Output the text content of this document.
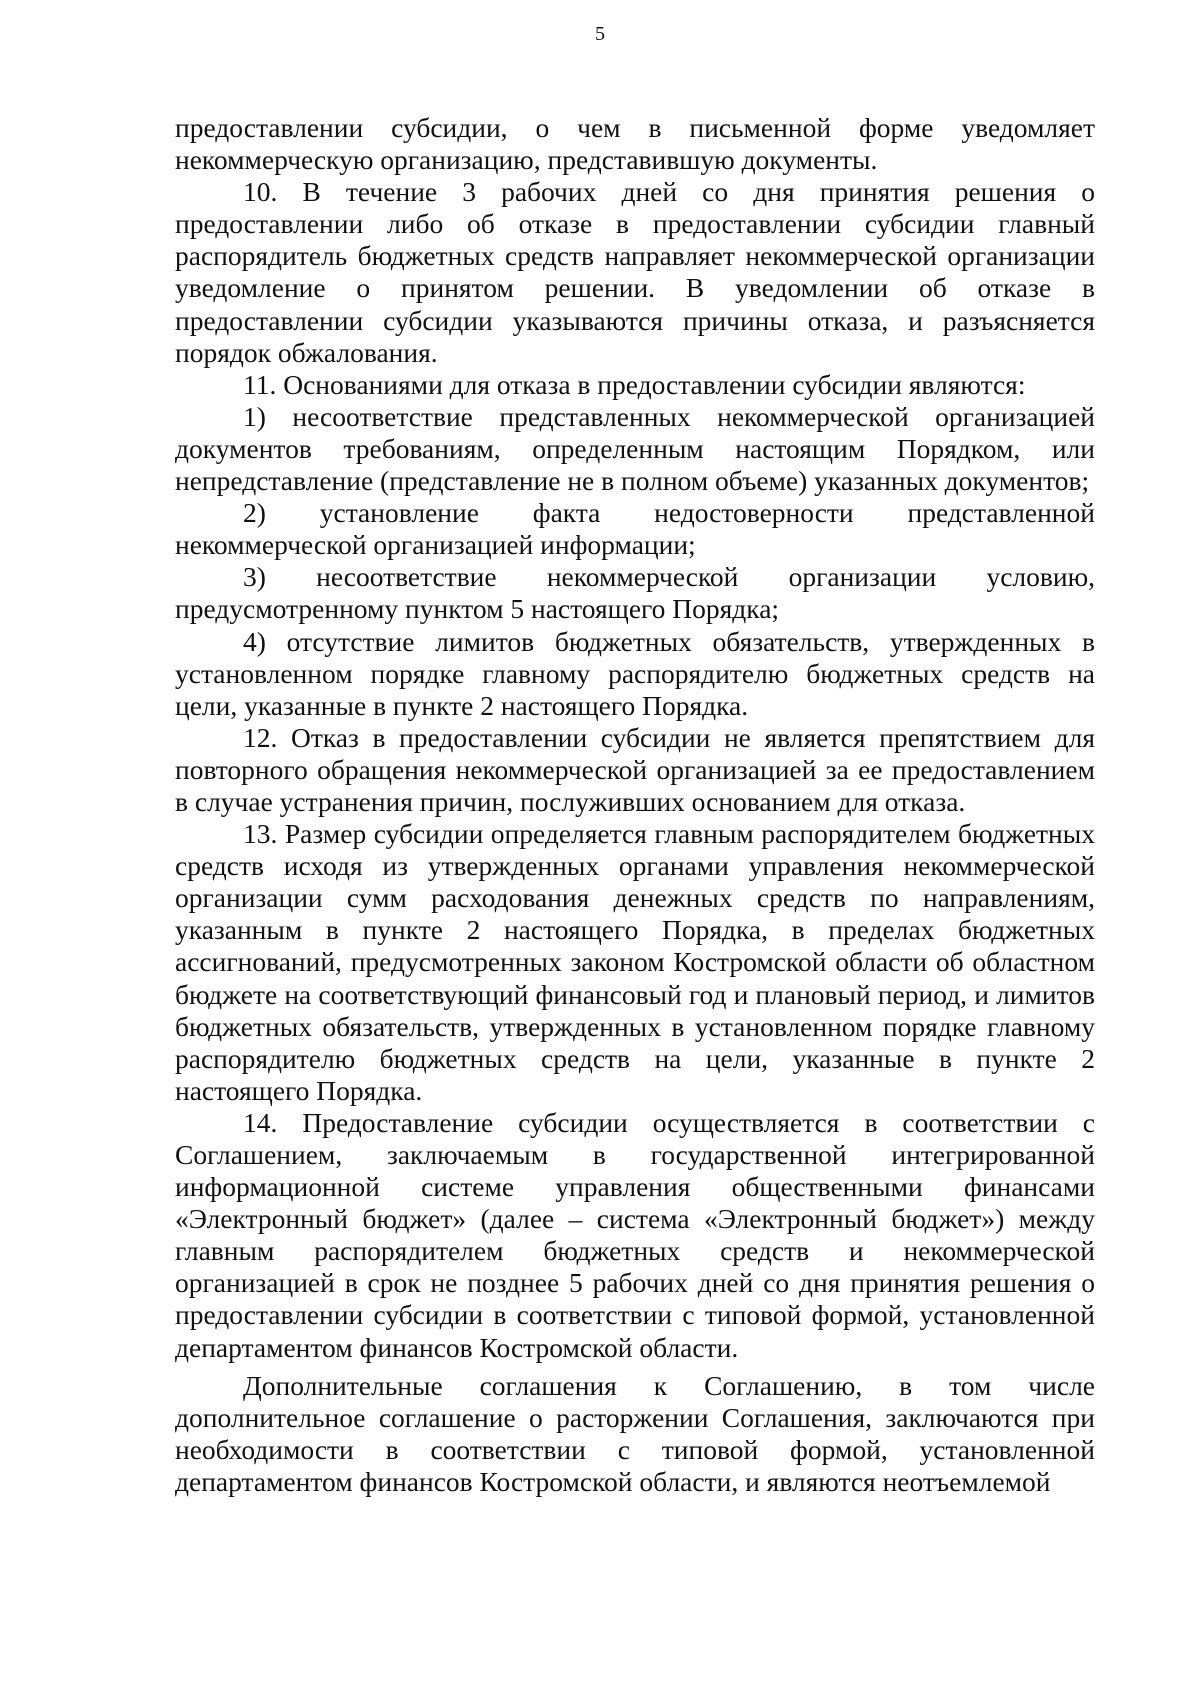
5

предоставлении субсидии, о чем в письменной форме уведомляет некоммерческую организацию, представившую документы.

10. В течение 3 рабочих дней со дня принятия решения о предоставлении либо об отказе в предоставлении субсидии главный распорядитель бюджетных средств направляет некоммерческой организации уведомление о принятом решении. В уведомлении об отказе в предоставлении субсидии указываются причины отказа, и разъясняется порядок обжалования.

11. Основаниями для отказа в предоставлении субсидии являются:

1) несоответствие представленных некоммерческой организацией документов требованиям, определенным настоящим Порядком, или непредставление (представление не в полном объеме) указанных документов;

2) установление факта недостоверности представленной некоммерческой организацией информации;

3) несоответствие некоммерческой организации условию, предусмотренному пунктом 5 настоящего Порядка;

4) отсутствие лимитов бюджетных обязательств, утвержденных в установленном порядке главному распорядителю бюджетных средств на цели, указанные в пункте 2 настоящего Порядка.

12. Отказ в предоставлении субсидии не является препятствием для повторного обращения некоммерческой организацией за ее предоставлением в случае устранения причин, послуживших основанием для отказа.

13. Размер субсидии определяется главным распорядителем бюджетных средств исходя из утвержденных органами управления некоммерческой организации сумм расходования денежных средств по направлениям, указанным в пункте 2 настоящего Порядка, в пределах бюджетных ассигнований, предусмотренных законом Костромской области об областном бюджете на соответствующий финансовый год и плановый период, и лимитов бюджетных обязательств, утвержденных в установленном порядке главному распорядителю бюджетных средств на цели, указанные в пункте 2 настоящего Порядка.

14. Предоставление субсидии осуществляется в соответствии с Соглашением, заключаемым в государственной интегрированной информационной системе управления общественными финансами «Электронный бюджет» (далее – система «Электронный бюджет») между главным распорядителем бюджетных средств и некоммерческой организацией в срок не позднее 5 рабочих дней со дня принятия решения о предоставлении субсидии в соответствии с типовой формой, установленной департаментом финансов Костромской области.

Дополнительные соглашения к Соглашению, в том числе дополнительное соглашение о расторжении Соглашения, заключаются при необходимости в соответствии с типовой формой, установленной департаментом финансов Костромской области, и являются неотъемлемой
